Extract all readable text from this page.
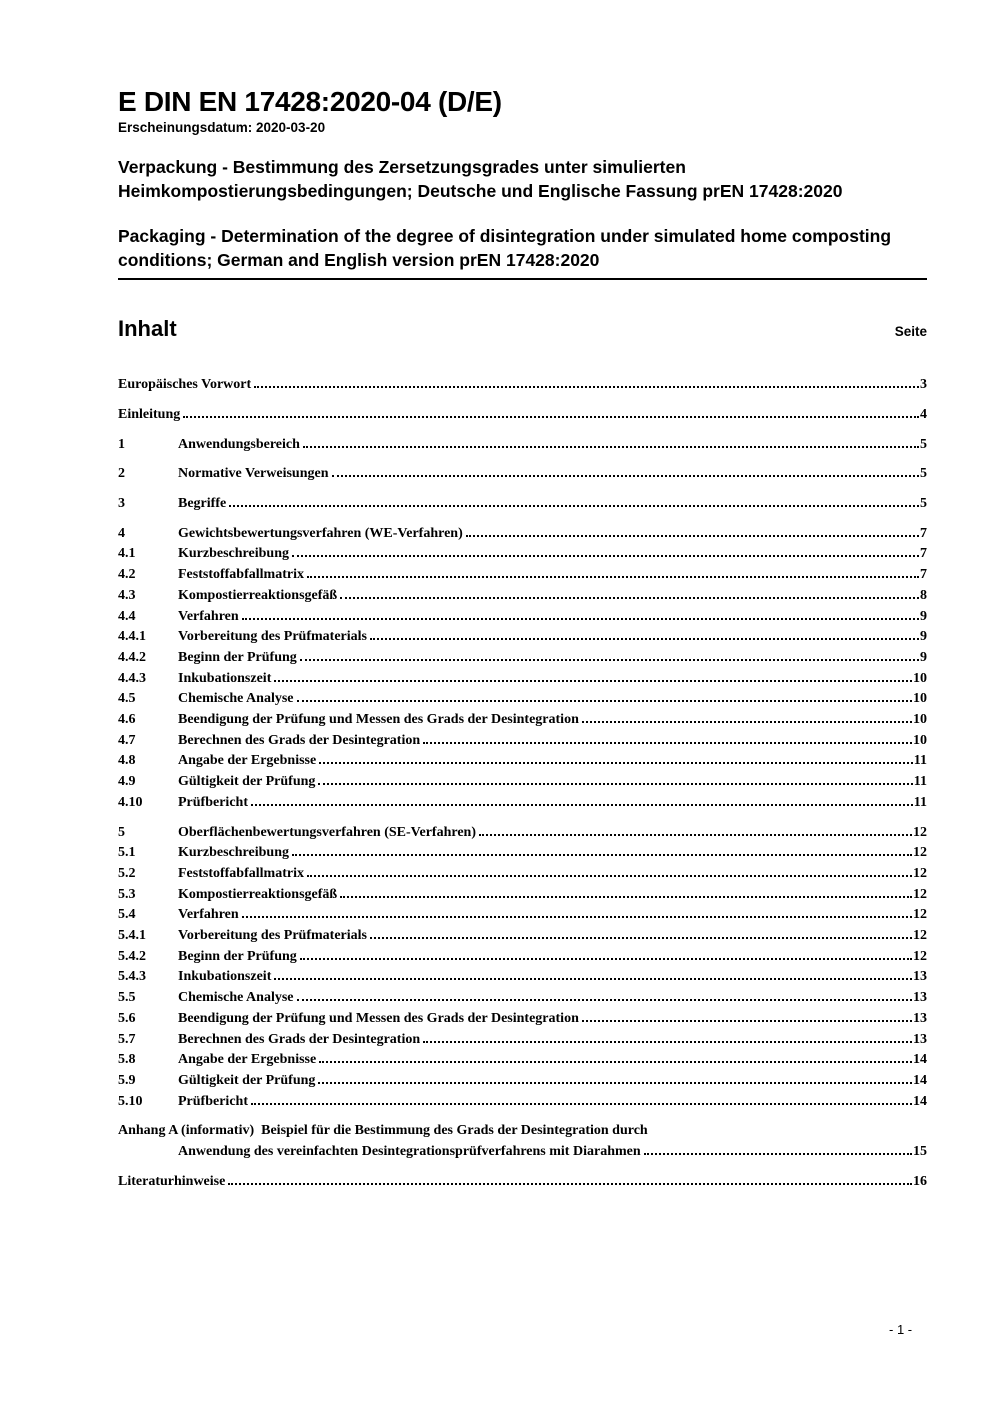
E DIN EN 17428:2020-04 (D/E)
Erscheinungsdatum: 2020-03-20
Verpackung - Bestimmung des Zersetzungsgrades unter simulierten Heimkompostierungsbedingungen; Deutsche und Englische Fassung prEN 17428:2020
Packaging - Determination of the degree of disintegration under simulated home composting conditions; German and English version prEN 17428:2020
Inhalt	Seite
Europäisches Vorwort	3
Einleitung	4
1	Anwendungsbereich	5
2	Normative Verweisungen	5
3	Begriffe	5
4	Gewichtsbewertungsverfahren (WE-Verfahren)	7
4.1	Kurzbeschreibung	7
4.2	Feststoffabfallmatrix	7
4.3	Kompostierreaktionsgefäß	8
4.4	Verfahren	9
4.4.1	Vorbereitung des Prüfmaterials	9
4.4.2	Beginn der Prüfung	9
4.4.3	Inkubationszeit	10
4.5	Chemische Analyse	10
4.6	Beendigung der Prüfung und Messen des Grads der Desintegration	10
4.7	Berechnen des Grads der Desintegration	10
4.8	Angabe der Ergebnisse	11
4.9	Gültigkeit der Prüfung	11
4.10	Prüfbericht	11
5	Oberflächenbewertungsverfahren (SE-Verfahren)	12
5.1	Kurzbeschreibung	12
5.2	Feststoffabfallmatrix	12
5.3	Kompostierreaktionsgefäß	12
5.4	Verfahren	12
5.4.1	Vorbereitung des Prüfmaterials	12
5.4.2	Beginn der Prüfung	12
5.4.3	Inkubationszeit	13
5.5	Chemische Analyse	13
5.6	Beendigung der Prüfung und Messen des Grads der Desintegration	13
5.7	Berechnen des Grads der Desintegration	13
5.8	Angabe der Ergebnisse	14
5.9	Gültigkeit der Prüfung	14
5.10	Prüfbericht	14
Anhang A (informativ)  Beispiel für die Bestimmung des Grads der Desintegration durch
Anwendung des vereinfachten Desintegrationsprüfverfahrens mit Diarahmen	15
Literaturhinweise	16
- 1 -
